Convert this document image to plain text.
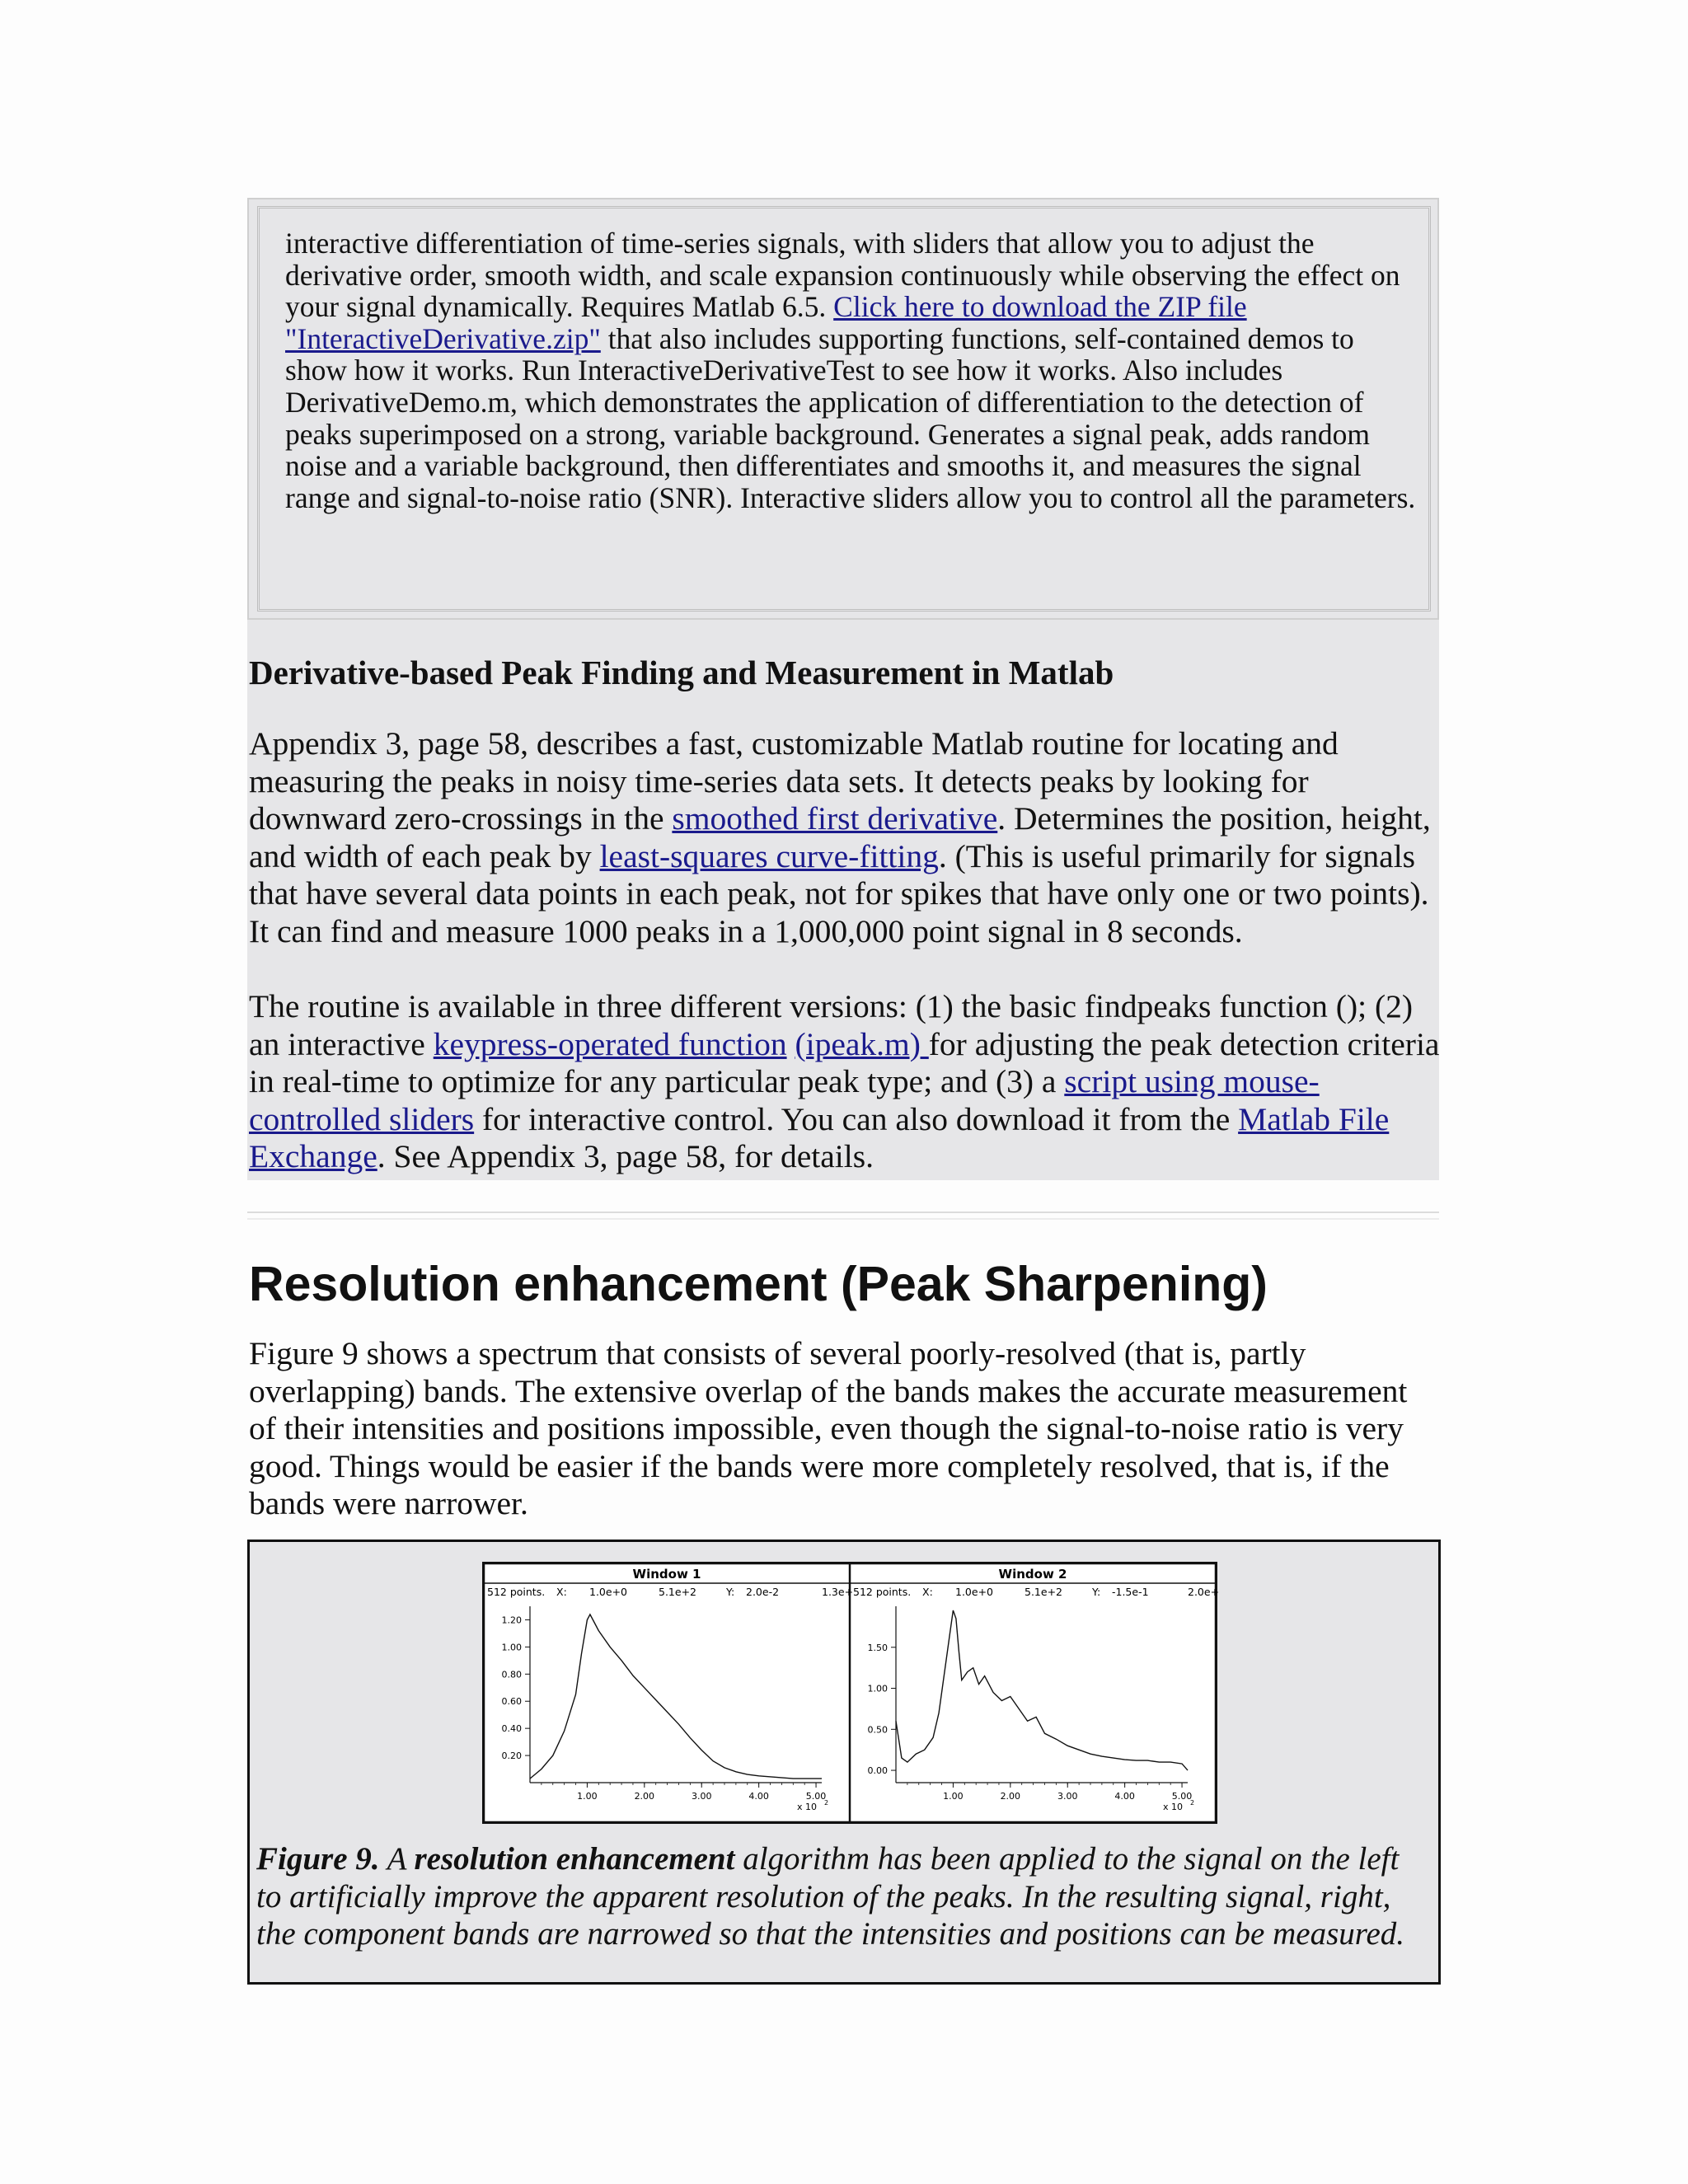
interactive differentiation of time-series signals, with sliders that allow you to adjust the derivative order, smooth width, and scale expansion continuously while observing the effect on your signal dynamically. Requires Matlab 6.5. Click here to download the ZIP file "InteractiveDerivative.zip" that also includes supporting functions, self-contained demos to show how it works. Run InteractiveDerivativeTest to see how it works. Also includes DerivativeDemo.m, which demonstrates the application of differentiation to the detection of peaks superimposed on a strong, variable background. Generates a signal peak, adds random noise and a variable background, then differentiates and smooths it, and measures the signal range and signal-to-noise ratio (SNR). Interactive sliders allow you to control all the parameters.
Derivative-based Peak Finding and Measurement in Matlab
Appendix 3, page 58, describes a fast, customizable Matlab routine for locating and measuring the peaks in noisy time-series data sets. It detects peaks by looking for downward zero-crossings in the smoothed first derivative. Determines the position, height, and width of each peak by least-squares curve-fitting. (This is useful primarily for signals that have several data points in each peak, not for spikes that have only one or two points). It can find and measure 1000 peaks in a 1,000,000 point signal in 8 seconds.
The routine is available in three different versions: (1) the basic findpeaks function (); (2) an interactive keypress-operated function (ipeak.m) for adjusting the peak detection criteria in real-time to optimize for any particular peak type; and (3) a script using mouse-controlled sliders for interactive control. You can also download it from the Matlab File Exchange. See Appendix 3, page 58, for details.
Resolution enhancement (Peak Sharpening)
Figure 9 shows a spectrum that consists of several poorly-resolved (that is, partly overlapping) bands. The extensive overlap of the bands makes the accurate measurement of their intensities and positions impossible, even though the signal-to-noise ratio is very good. Things would be easier if the bands were more completely resolved, that is, if the bands were narrower.
Window 1
512 points. X: 1.0e+0	5.1e+2	Y: 2.0e-2	1.3e+
1.00	2.00	3.00	4.00	5.00
x 10 2
0.20
0.40
0.60
0.80
1.00
1.20
Window 2
512 points. X: 1.0e+0	5.1e+2	Y: -1.5e-1	2.0e+
1.00	2.00	3.00	4.00	5.00
x 10 2
0.00
0.50
1.00
1.50
Figure 9. A resolution enhancement algorithm has been applied to the signal on the left to artificially improve the apparent resolution of the peaks. In the resulting signal, right, the component bands are narrowed so that the intensities and positions can be measured.
